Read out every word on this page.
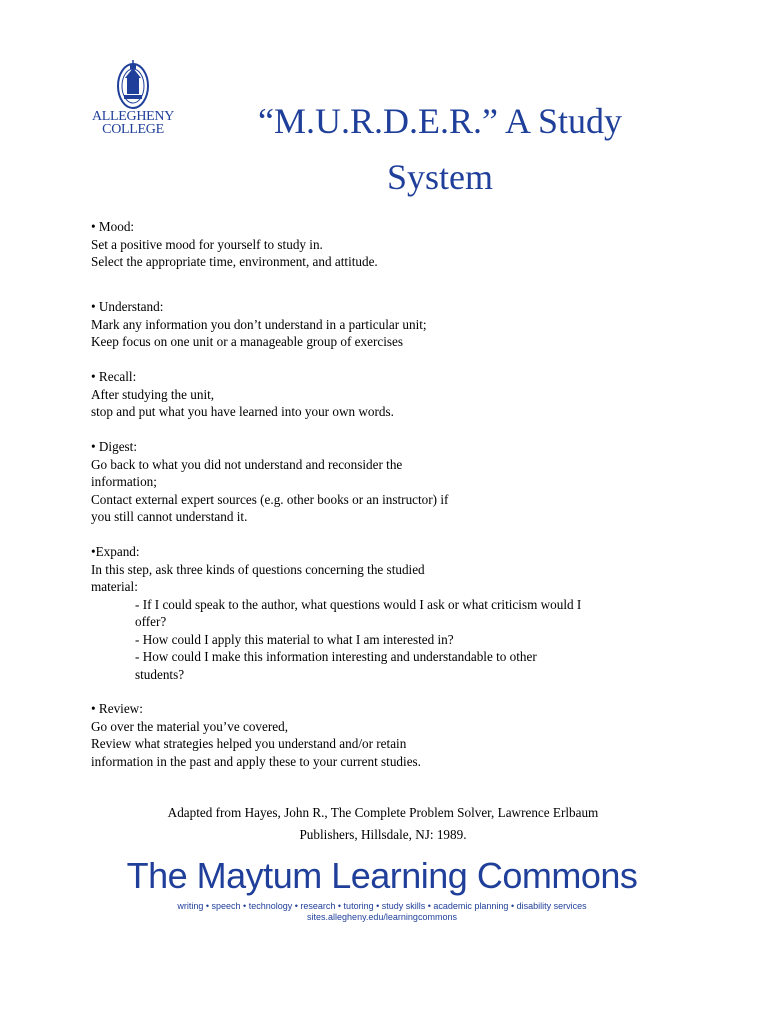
ALLEGHENY
COLLEGE	“M.U.R.D.E.R.” A Study
System

• Mood:

Set a positive mood for yourself to study in.

Select the appropriate time, environment, and attitude.

• Understand:

Mark any information you don’t understand in a particular unit;

Keep focus on one unit or a manageable group of exercises

• Recall:

After studying the unit,

stop and put what you have learned into your own words.

• Digest:

Go back to what you did not understand and reconsider the

information;

Contact external expert sources (e.g. other books or an instructor) if

you still cannot understand it.

•Expand:

In this step, ask three kinds of questions concerning the studied

material:

- If I could speak to the author, what questions would I ask or what criticism would I

offer?

- How could I apply this material to what I am interested in?

- How could I make this information interesting and understandable to other

students?

• Review:

Go over the material you’ve covered,

Review what strategies helped you understand and/or retain

information in the past and apply these to your current studies.

Adapted from Hayes, John R., The Complete Problem Solver, Lawrence Erlbaum
Publishers, Hillsdale, NJ: 1989.
The Maytum Learning Commons
writing • speech • technology • research • tutoring • study skills • academic planning • disability services
sites.allegheny.edu/learningcommons
